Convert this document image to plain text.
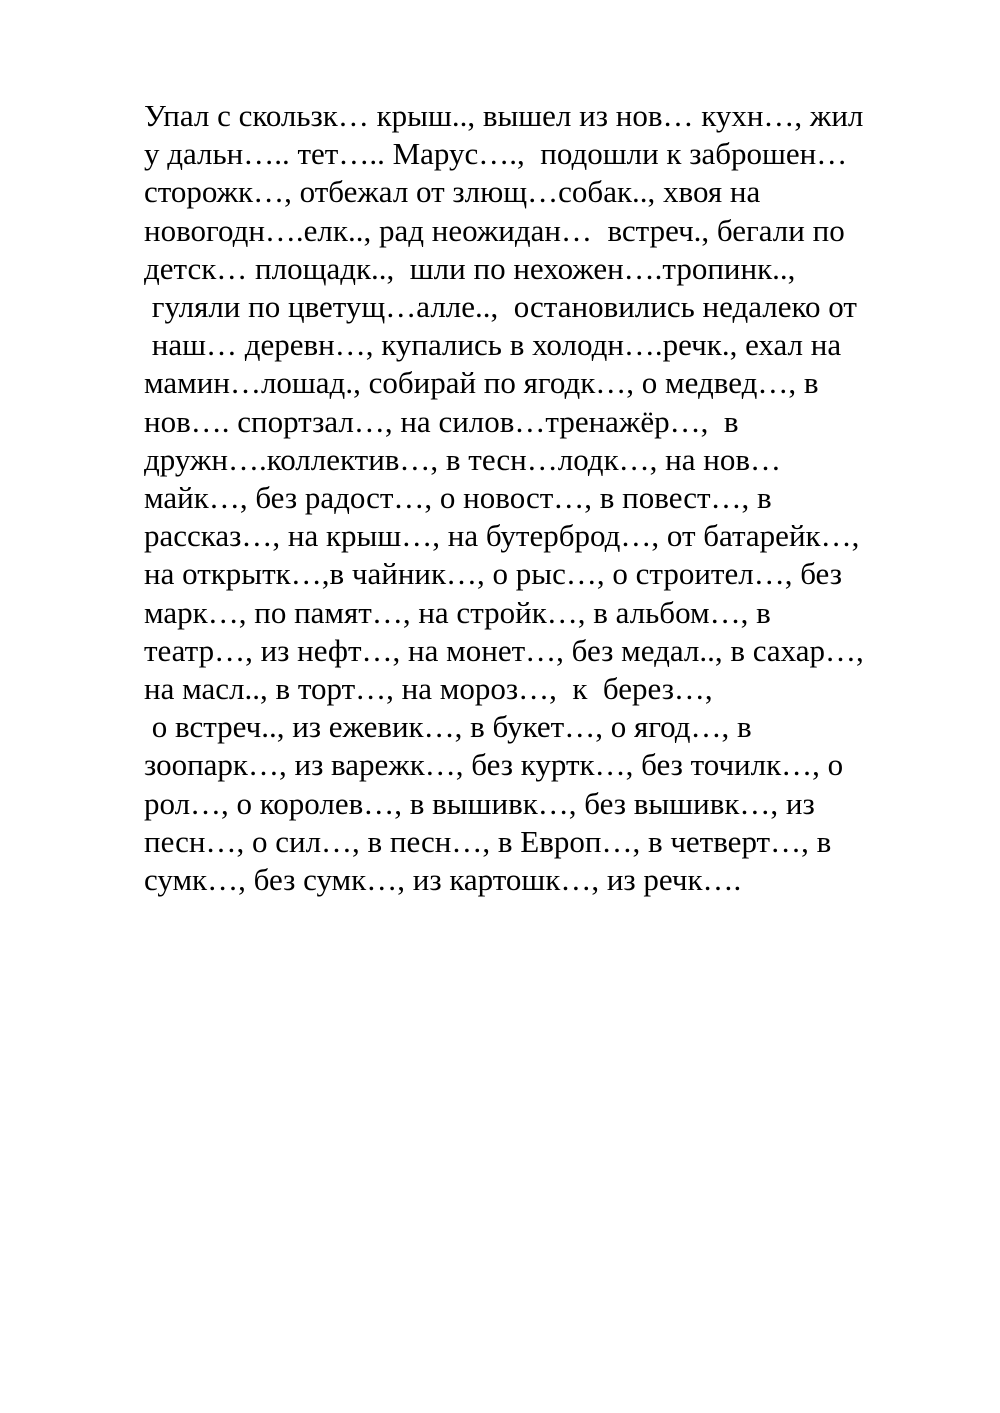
Упал с скользк… крыш.., вышел из нов… кухн…, жил
у дальн….. тет….. Марус….,  подошли к заброшен…
сторожк…, отбежал от злющ…собак.., хвоя на
новогодн….елк.., рад неожидан…  встреч., бегали по
детск… площадк..,  шли по нехожен….тропинк..,
гуляли по цветущ…алле..,  остановились недалеко от
наш… деревн…, купались в холодн….речк., ехал на
мамин…лошад., собирай по ягодк…, о медвед…, в
нов…. спортзал…, на силов…тренажёр…,  в
дружн….коллектив…, в тесн…лодк…, на нов…
майк…, без радост…, о новост…, в повест…, в
рассказ…, на крыш…, на бутерброд…, от батарейк…,
на открытк…,в чайник…, о рыс…, о строител…, без
марк…, по памят…, на стройк…, в альбом…, в
театр…, из нефт…, на монет…, без медал.., в сахар…,
на масл.., в торт…, на мороз…,  к  берез…,
о встреч.., из ежевик…, в букет…, о ягод…, в
зоопарк…, из варежк…, без куртк…, без точилк…, о
рол…, о королев…, в вышивк…, без вышивк…, из
песн…, о сил…, в песн…, в Европ…, в четверт…, в
сумк…, без сумк…, из картошк…, из речк….
